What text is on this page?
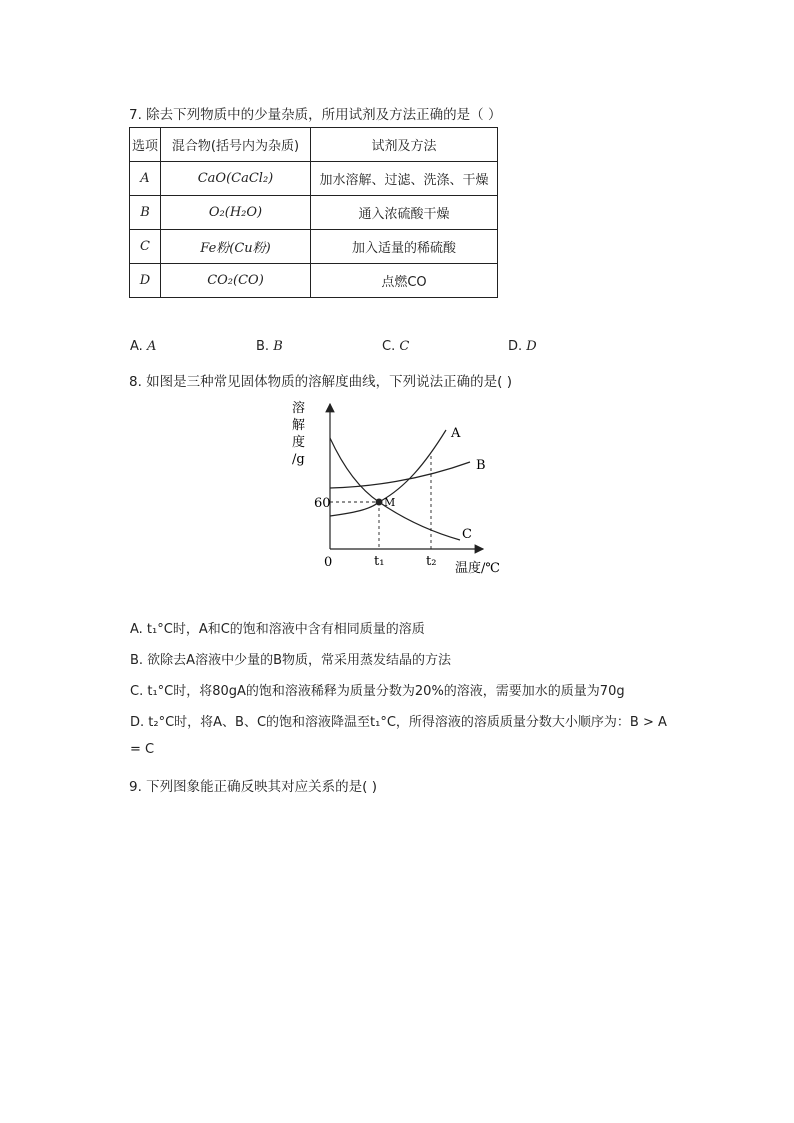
7. 除去下列物质中的少量杂质，所用试剂及方法正确的是（ ）
选项	混合物(括号内为杂质)	试剂及方法
A	CaO(CaCl₂)	加水溶解、过滤、洗涤、干燥
B	O₂(H₂O)	通入浓硫酸干燥
C	Fe粉(Cu粉)	加入适量的稀硫酸
D	CO₂(CO)	点燃CO
A. A	B. B	C. C	D. D
8. 如图是三种常见固体物质的溶解度曲线，下列说法正确的是( )
溶
解
度
/g
0
60
t₁	t₂ 温度/℃
M
A
B
C
A. t₁°C时，A和C的饱和溶液中含有相同质量的溶质
B. 欲除去A溶液中少量的B物质，常采用蒸发结晶的方法
C. t₁°C时，将80gA的饱和溶液稀释为质量分数为20%的溶液，需要加水的质量为70g
D. t₂°C时，将A、B、C的饱和溶液降温至t₁°C，所得溶液的溶质质量分数大小顺序为：B > A
= C
9. 下列图象能正确反映其对应关系的是( )
